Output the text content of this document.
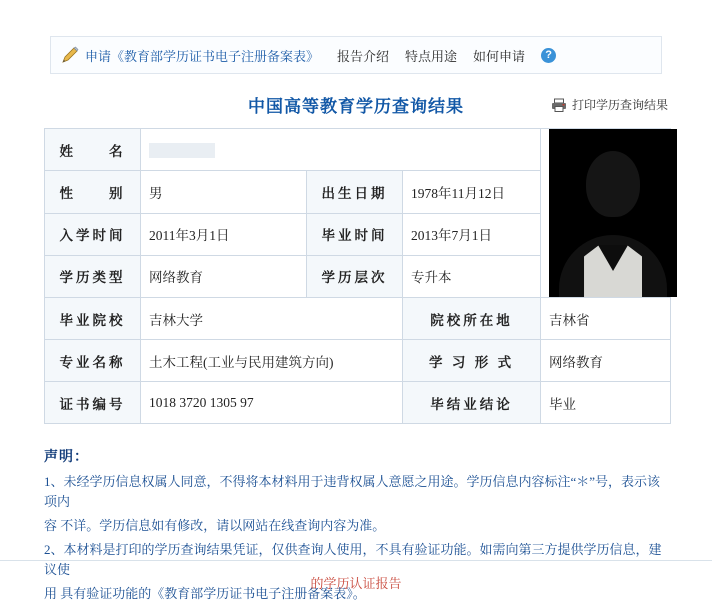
申请《教育部学历证书电子注册备案表》 报告介绍 特点用途 如何申请	?
中国高等教育学历查询结果	打印学历查询结果
姓　　名				

性　　别	男	出生日期	1978年11月12日	
入学时间	2011年3月1日	毕业时间	2013年7月1日	
学历类型	网络教育	学历层次	专升本	
毕业院校	吉林大学		院校所在地	吉林省
专业名称	土木工程(工业与民用建筑方向)		学 习 形 式	网络教育
证书编号	1018 3720 1305 97		毕结业结论	毕业
声明：

1、未经学历信息权属人同意，不得将本材料用于违背权属人意愿之用途。学历信息内容标注“＊”号，表示该项内

容 不详。学历信息如有修改，请以网站在线查询内容为准。

2、本材料是打印的学历查询结果凭证，仅供查询人使用，不具有验证功能。如需向第三方提供学历信息，建议使

用 具有验证功能的《教育部学历证书电子注册备案表》。

的学历认证报告
